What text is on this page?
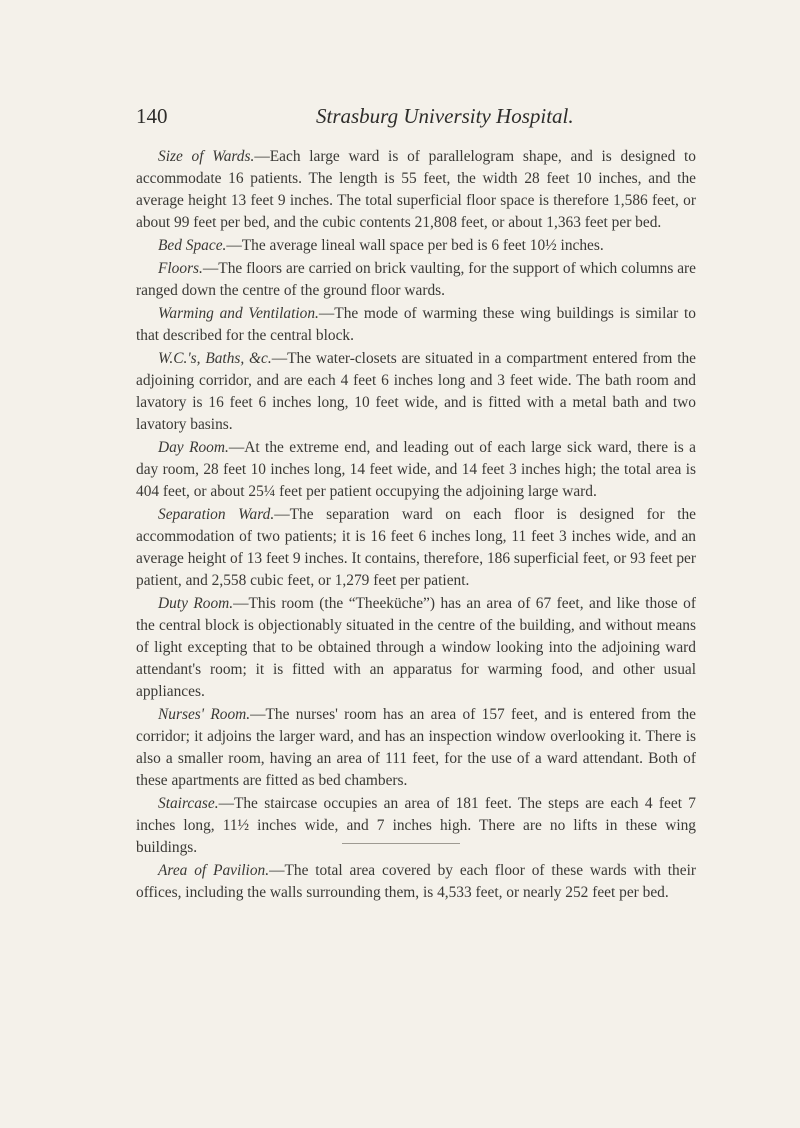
140	Strasburg University Hospital.

Size of Wards.—Each large ward is of parallelogram shape, and is designed to accommodate 16 patients. The length is 55 feet, the width 28 feet 10 inches, and the average height 13 feet 9 inches. The total superficial floor space is therefore 1,586 feet, or about 99 feet per bed, and the cubic contents 21,808 feet, or about 1,363 feet per bed.

Bed Space.—The average lineal wall space per bed is 6 feet 10½ inches.

Floors.—The floors are carried on brick vaulting, for the support of which columns are ranged down the centre of the ground floor wards.

Warming and Ventilation.—The mode of warming these wing buildings is similar to that described for the central block.

W.C.'s, Baths, &c.—The water-closets are situated in a compartment entered from the adjoining corridor, and are each 4 feet 6 inches long and 3 feet wide. The bath room and lavatory is 16 feet 6 inches long, 10 feet wide, and is fitted with a metal bath and two lavatory basins.

Day Room.—At the extreme end, and leading out of each large sick ward, there is a day room, 28 feet 10 inches long, 14 feet wide, and 14 feet 3 inches high; the total area is 404 feet, or about 25¼ feet per patient occupying the adjoining large ward.

Separation Ward.—The separation ward on each floor is designed for the accommodation of two patients; it is 16 feet 6 inches long, 11 feet 3 inches wide, and an average height of 13 feet 9 inches. It contains, therefore, 186 superficial feet, or 93 feet per patient, and 2,558 cubic feet, or 1,279 feet per patient.

Duty Room.—This room (the “Theeküche”) has an area of 67 feet, and like those of the central block is objectionably situated in the centre of the building, and without means of light excepting that to be obtained through a window looking into the adjoining ward attendant's room; it is fitted with an apparatus for warming food, and other usual appliances.

Nurses' Room.—The nurses' room has an area of 157 feet, and is entered from the corridor; it adjoins the larger ward, and has an inspection window overlooking it. There is also a smaller room, having an area of 111 feet, for the use of a ward attendant. Both of these apartments are fitted as bed chambers.

Staircase.—The staircase occupies an area of 181 feet. The steps are each 4 feet 7 inches long, 11½ inches wide, and 7 inches high. There are no lifts in these wing buildings.

Area of Pavilion.—The total area covered by each floor of these wards with their offices, including the walls surrounding them, is 4,533 feet, or nearly 252 feet per bed.
